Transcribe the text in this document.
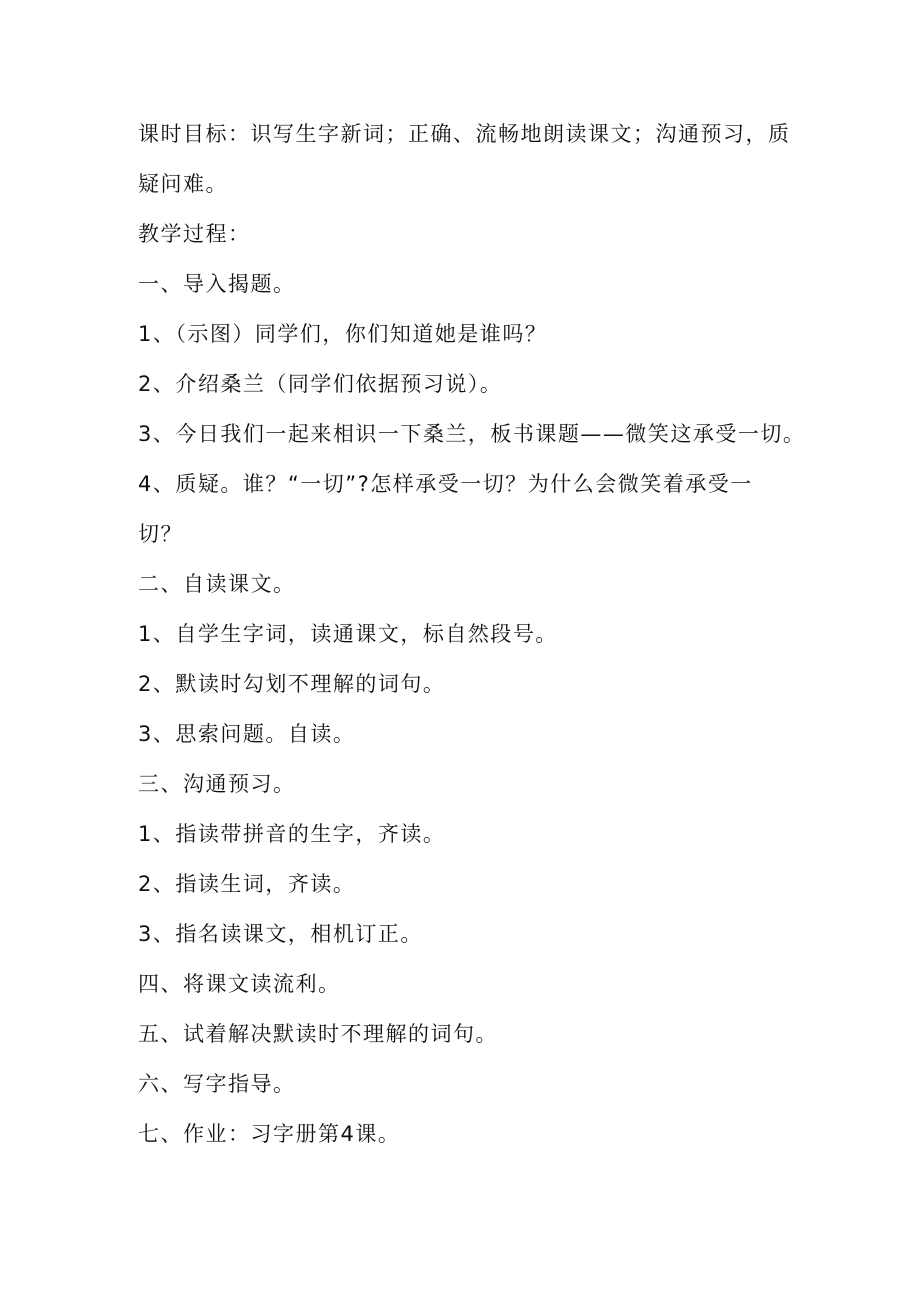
课时目标：识写生字新词；正确、流畅地朗读课文；沟通预习，质
疑问难。
教学过程：
一、导入揭题。
1、（示图）同学们，你们知道她是谁吗？
2、介绍桑兰（同学们依据预习说）。
3、今日我们一起来相识一下桑兰，板书课题——微笑这承受一切。
4、质疑。谁？“一切”?怎样承受一切？为什么会微笑着承受一
切？
二、自读课文。
1、自学生字词，读通课文，标自然段号。
2、默读时勾划不理解的词句。
3、思索问题。自读。
三、沟通预习。
1、指读带拼音的生字，齐读。
2、指读生词，齐读。
3、指名读课文，相机订正。
四、将课文读流利。
五、试着解决默读时不理解的词句。
六、写字指导。
七、作业：习字册第4课。
